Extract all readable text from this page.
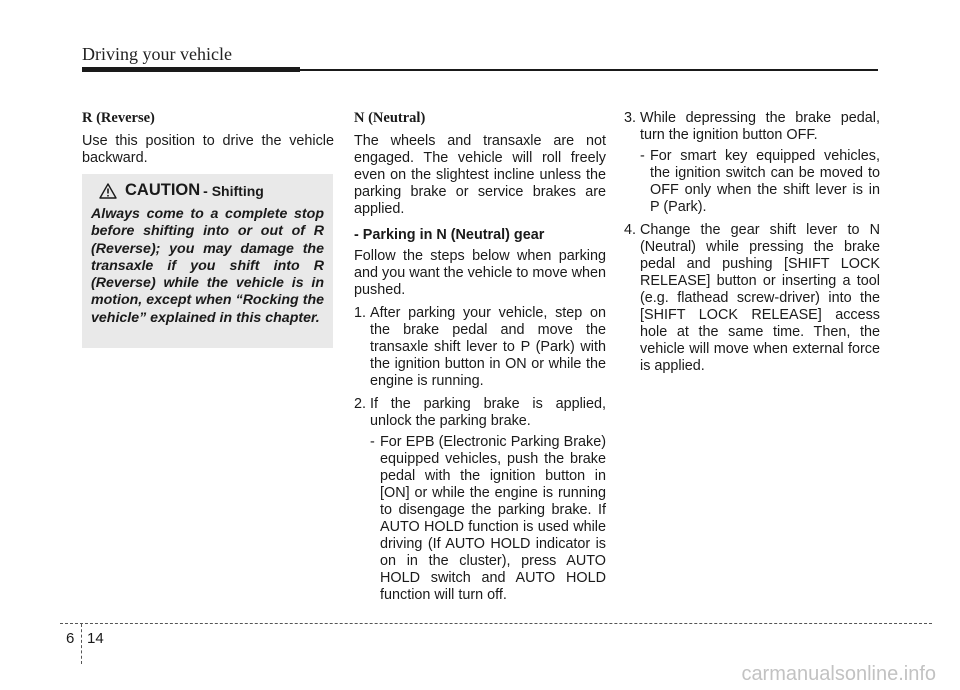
Driving your vehicle
R (Reverse)

Use this position to drive the vehicle backward.

CAUTION - Shifting

Always come to a complete stop before shifting into or out of R (Reverse); you may damage the transaxle if you shift into R (Reverse) while the vehicle is in motion, except when “Rocking the vehicle” explained in this chapter.

N (Neutral)

The wheels and transaxle are not engaged. The vehicle will roll freely even on the slightest incline unless the parking brake or service brakes are applied.

- Parking in N (Neutral) gear

Follow the steps below when parking and you want the vehicle to move when pushed.

1. After parking your vehicle, step on the brake pedal and move the transaxle shift lever to P (Park) with the ignition button in ON or while the engine is running.
2. If the parking brake is applied, unlock the parking brake.
- For EPB (Electronic Parking Brake) equipped vehicles, push the brake pedal with the ignition button in [ON] or while the engine is running to disengage the parking brake. If AUTO HOLD function is used while driving (If AUTO HOLD indicator is on in the cluster), press AUTO HOLD switch and AUTO HOLD function will turn off.
3. While depressing the brake pedal, turn the ignition button OFF.
- For smart key equipped vehicles, the ignition switch can be moved to OFF only when the shift lever is in P (Park).
4. Change the gear shift lever to N (Neutral) while pressing the brake pedal and pushing [SHIFT LOCK RELEASE] button or inserting a tool (e.g. flathead screw-driver) into the [SHIFT LOCK RELEASE] access hole at the same time. Then, the vehicle will move when external force is applied.
6 14
carmanualsonline.info
